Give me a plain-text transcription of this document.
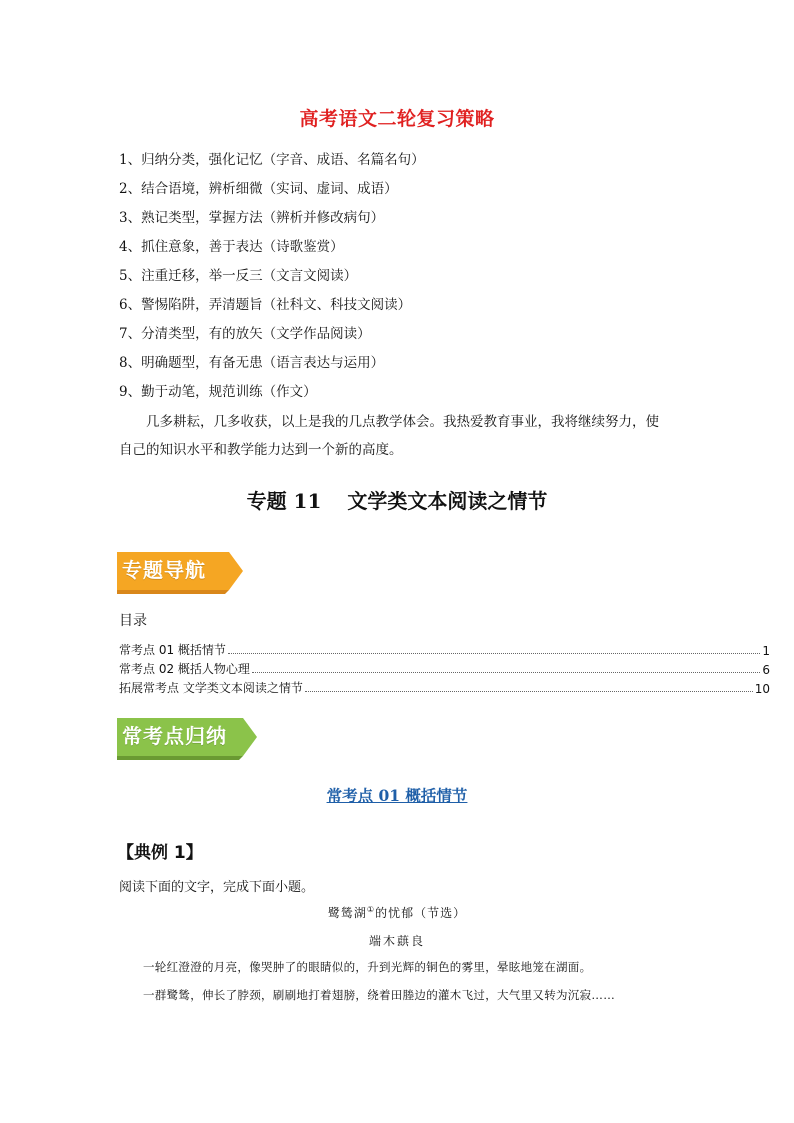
高考语文二轮复习策略
1、归纳分类，强化记忆（字音、成语、名篇名句）
2、结合语境，辨析细微（实词、虚词、成语）
3、熟记类型，掌握方法（辨析并修改病句）
4、抓住意象，善于表达（诗歌鉴赏）
5、注重迁移，举一反三（文言文阅读）
6、警惕陷阱，弄清题旨（社科文、科技文阅读）
7、分清类型，有的放矢（文学作品阅读）
8、明确题型，有备无患（语言表达与运用）
9、勤于动笔，规范训练（作文）
几多耕耘，几多收获，以上是我的几点教学体会。我热爱教育事业，我将继续努力，使
自己的知识水平和教学能力达到一个新的高度。
专题 11 文学类文本阅读之情节
专题导航
目录
常考点 01 概括情节	1
常考点 02 概括人物心理	6
拓展常考点 文学类文本阅读之情节	10
常考点归纳
常考点 01 概括情节
【典例 1】
阅读下面的文字，完成下面小题。
鹭鸶湖①的忧郁（节选）
端木蕻良
一轮红澄澄的月亮，像哭肿了的眼睛似的，升到光辉的铜色的雾里，晕眩地笼在湖面。
一群鹭鸶，伸长了脖颈，刷刷地打着翅膀，绕着田塍边的灌木飞过，大气里又转为沉寂……
